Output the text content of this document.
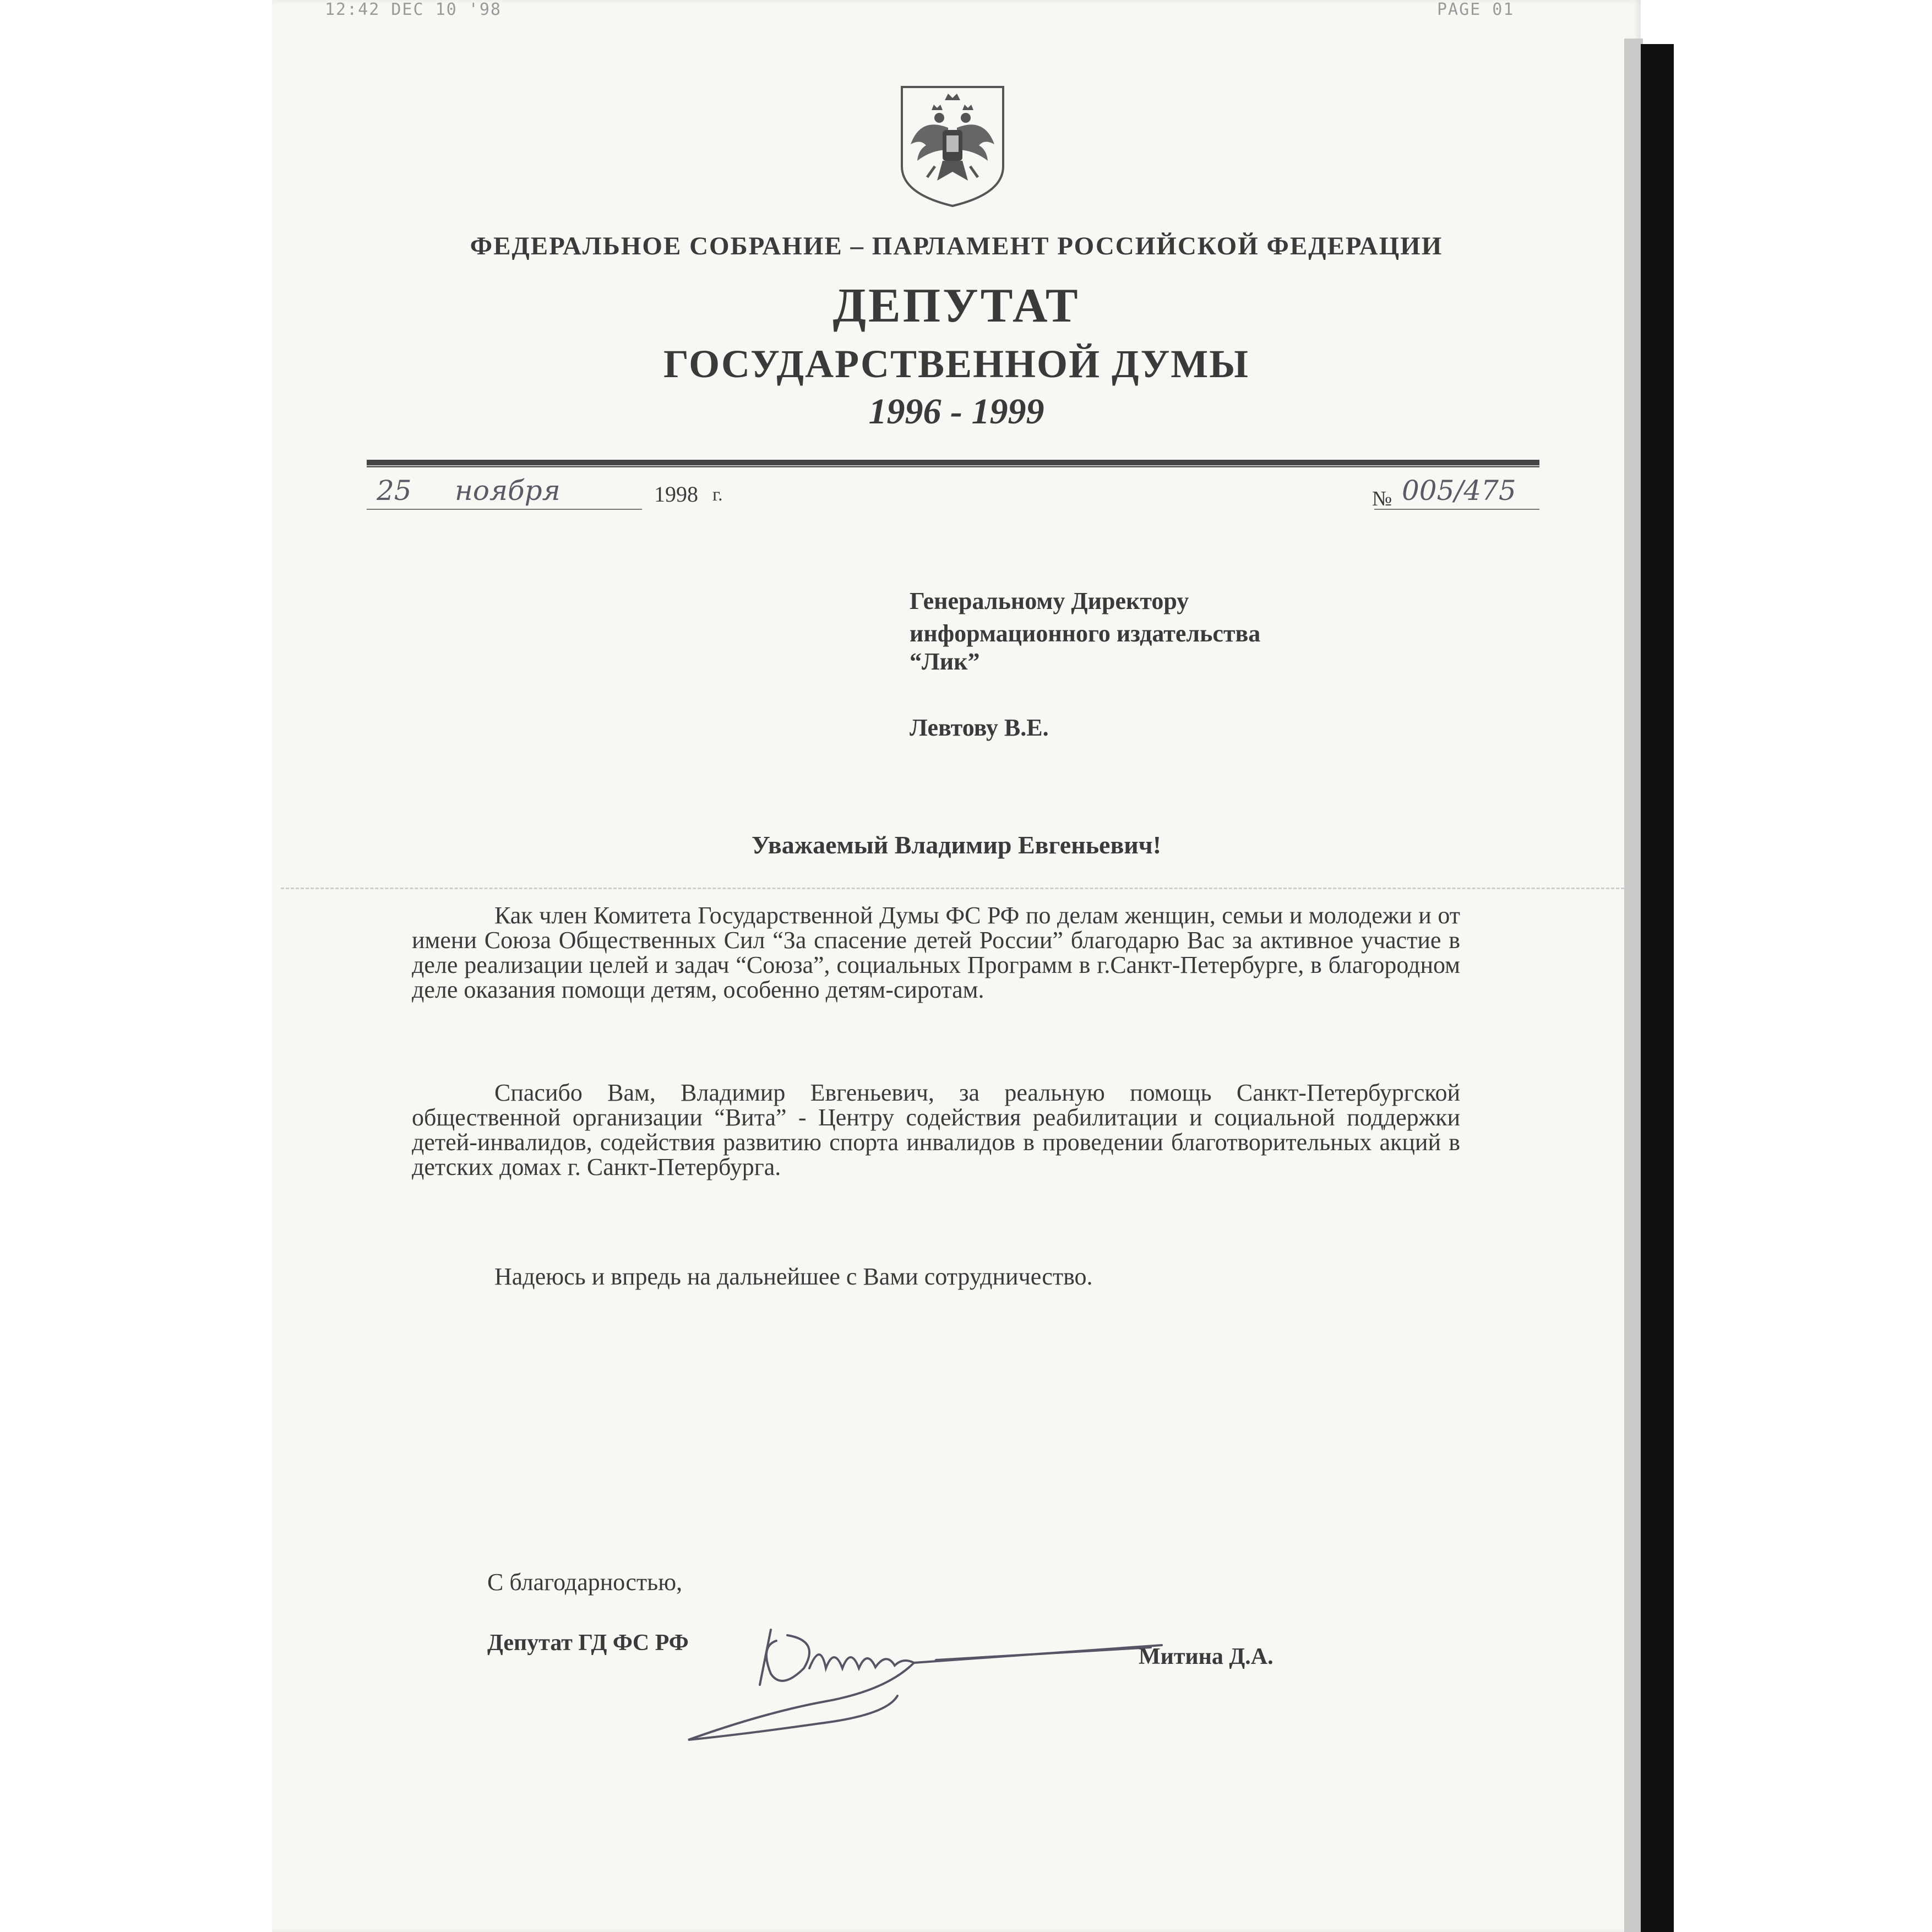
12:42 DEC 10 '98	PAGE 01
ФЕДЕРАЛЬНОЕ СОБРАНИЕ – ПАРЛАМЕНТ РОССИЙСКОЙ ФЕДЕРАЦИИ
ДЕПУТАТ
ГОСУДАРСТВЕННОЙ ДУМЫ
1996 - 1999
25 ноября	1998 г.	№ 005/475
Генеральному Директору
информационного издательства
“Лик”
Левтову В.Е.
Уважаемый Владимир Евгеньевич!
Как член Комитета Государственной Думы ФС РФ по делам женщин, семьи и молодежи и от имени Союза Общественных Сил “За спасение детей России” благодарю Вас за активное участие в деле реализации целей и задач “Союза”, социальных Программ в г.Санкт-Петербурге, в благородном деле оказания помощи детям, особенно детям-сиротам.
Спасибо Вам, Владимир Евгеньевич, за реальную помощь Санкт-Петербургской общественной организации “Вита” - Центру содействия реабилитации и социальной поддержки детей-инвалидов, содействия развитию спорта инвалидов в проведении благотворительных акций в детских домах г. Санкт-Петербурга.
Надеюсь и впредь на дальнейшее с Вами сотрудничество.
С благодарностью,
Депутат ГД ФС РФ
Митина Д.А.
